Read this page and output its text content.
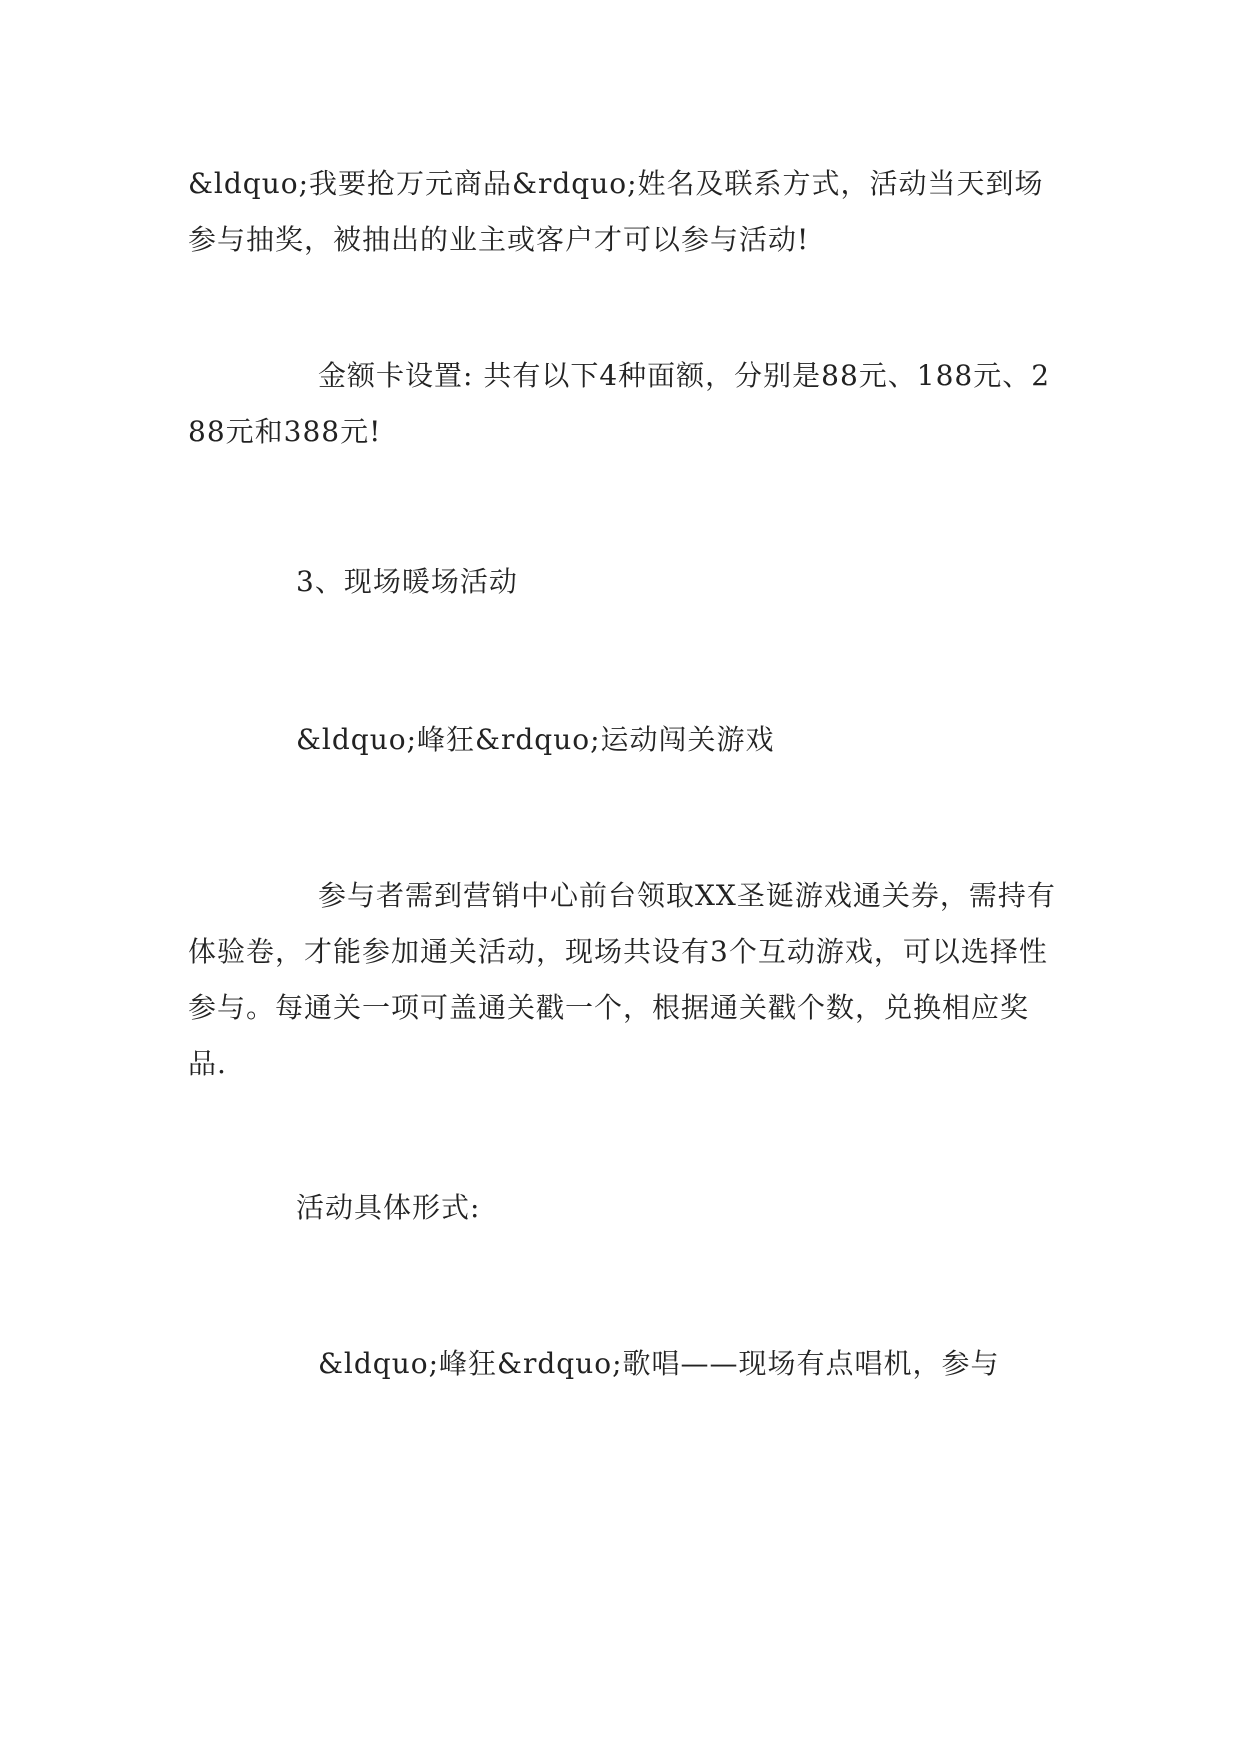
&ldquo;我要抢万元商品&rdquo;姓名及联系方式，活动当天到场参与抽奖，被抽出的业主或客户才可以参与活动!

金额卡设置: 共有以下4种面额，分别是88元、188元、288元和388元!

3、现场暖场活动

&ldquo;峰狂&rdquo;运动闯关游戏

参与者需到营销中心前台领取XX圣诞游戏通关券，需持有体验卷，才能参加通关活动，现场共设有3个互动游戏，可以选择性参与。每通关一项可盖通关戳一个，根据通关戳个数，兑换相应奖品.

活动具体形式:

&ldquo;峰狂&rdquo;歌唱——现场有点唱机，参与
